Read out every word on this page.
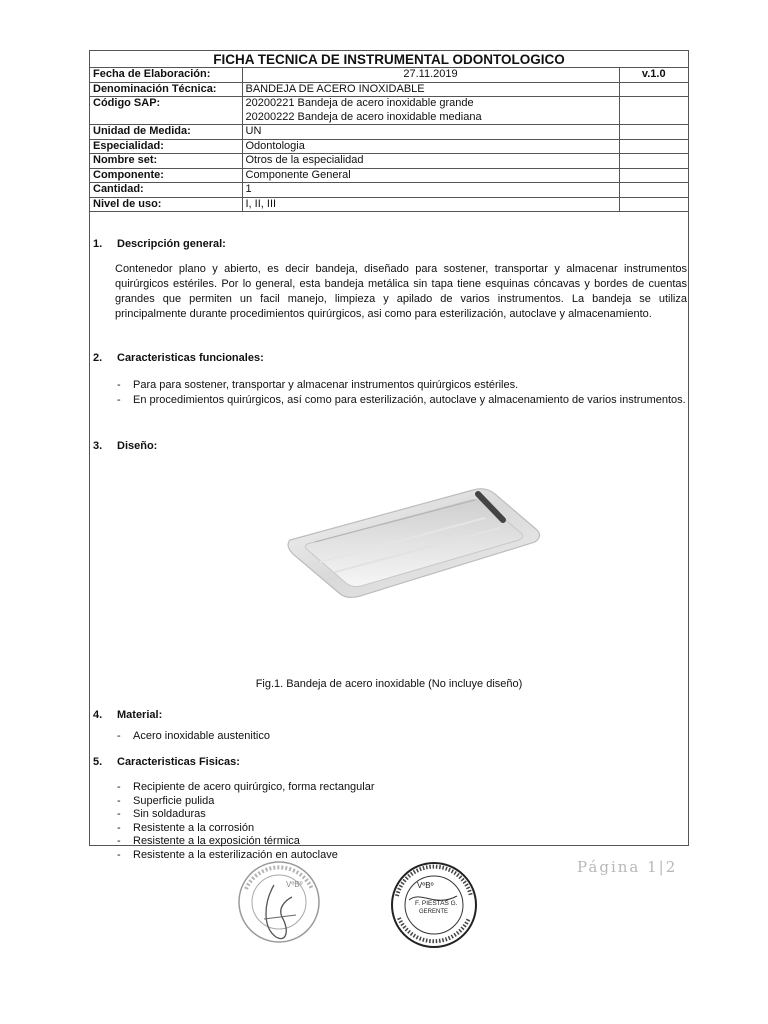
FICHA TECNICA DE INSTRUMENTAL ODONTOLOGICO
Fecha de Elaboración:	27.11.2019	v.1.0
Denominación Técnica:	BANDEJA DE ACERO INOXIDABLE	
Código SAP:	20200221 Bandeja de acero inoxidable grande
20200222 Bandeja de acero inoxidable mediana	

Unidad de Medida:	UN	
Especialidad:	Odontologia	
Nombre set:	Otros de la especialidad	
Componente:	Componente General	
Cantidad:	1	
Nivel de uso:	I, II, III	
1. Descripción general:
Contenedor plano y abierto, es decir bandeja, diseñado para sostener, transportar y almacenar instrumentos quirúrgicos estériles. Por lo general, esta bandeja metálica sin tapa tiene esquinas cóncavas y bordes de cuentas grandes que permiten un facil manejo, limpieza y apilado de varios instrumentos. La bandeja se utiliza principalmente durante procedimientos quirúrgicos, asi como para esterilización, autoclave y almacenamiento.
2. Caracteristicas funcionales:
- Para para sostener, transportar y almacenar instrumentos quirúrgicos estériles.
- En procedimientos quirúrgicos, así como para esterilización, autoclave y almacenamiento de varios instrumentos.
3. Diseño:
Fig.1. Bandeja de acero inoxidable (No incluye diseño)
4. Material:
- Acero inoxidable austenitico
5. Caracteristicas Fisicas:
- Recipiente de acero quirúrgico, forma rectangular
- Superficie pulida
- Sin soldaduras
- Resistente a la corrosión
- Resistente a la exposición térmica
- Resistente a la esterilización en autoclave
Página 1|2
VºBº	VºBº
F. PIESTAS G.
GERENTE
